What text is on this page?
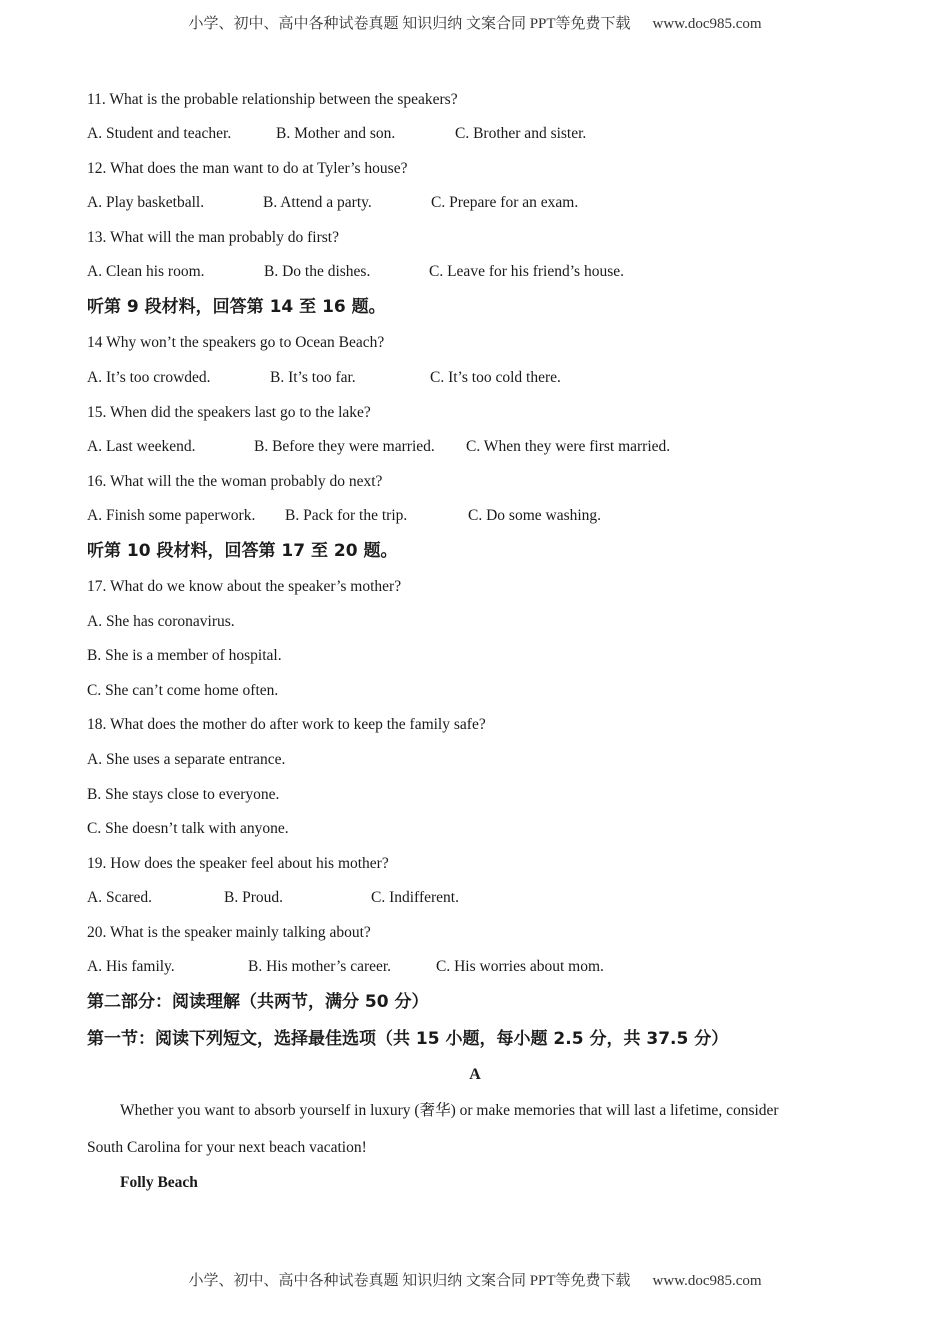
小学、初中、高中各种试卷真题 知识归纳 文案合同 PPT等免费下载 www.doc985.com
11. What is the probable relationship between the speakers?
A. Student and teacher.	B. Mother and son.	C. Brother and sister.
12. What does the man want to do at Tyler’s house?
A. Play basketball.	B. Attend a party.	C. Prepare for an exam.
13. What will the man probably do first?
A. Clean his room.	B. Do the dishes.	C. Leave for his friend’s house.
听第 9 段材料，回答第 14 至 16 题。
14 Why won’t the speakers go to Ocean Beach?
A. It’s too crowded.	B. It’s too far.	C. It’s too cold there.
15. When did the speakers last go to the lake?
A. Last weekend.	B. Before they were married. C. When they were first married.
16. What will the the woman probably do next?
A. Finish some paperwork. B. Pack for the trip.	C. Do some washing.
听第 10 段材料，回答第 17 至 20 题。
17. What do we know about the speaker’s mother?
A. She has coronavirus.
B. She is a member of hospital.
C. She can’t come home often.
18. What does the mother do after work to keep the family safe?
A. She uses a separate entrance.
B. She stays close to everyone.
C. She doesn’t talk with anyone.
19. How does the speaker feel about his mother?
A. Scared.	B. Proud.	C. Indifferent.
20. What is the speaker mainly talking about?
A. His family.	B. His mother’s career.	C. His worries about mom.
第二部分：阅读理解（共两节，满分 50 分）
第一节：阅读下列短文，选择最佳选项（共 15 小题，每小题 2.5 分，共 37.5 分）
A
Whether you want to absorb yourself in luxury (奢华) or make memories that will last a lifetime, consider
South Carolina for your next beach vacation!
Folly Beach
小学、初中、高中各种试卷真题 知识归纳 文案合同 PPT等免费下载 www.doc985.com
